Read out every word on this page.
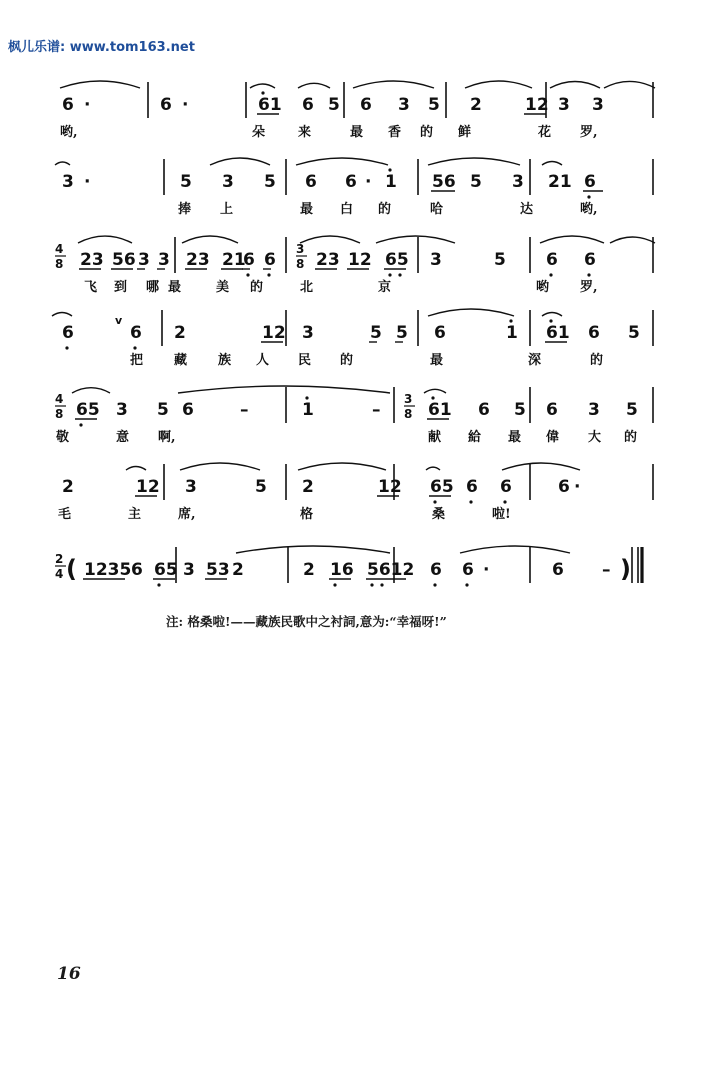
枫儿乐谱: www.tom163.net
6 ·	6 ·	61 6 5 6 3 5 2	12 3 3
3 ·	5 3 5 6 6 · 1 56 5 3 21 6
4
8
3
8
23 56 3 3 23 21
6 6 23 12 65 3	5 6 6
6
v
6 2	12 3	5 5 6	1 61 6 5
4
8
3
8
65 3 5 6	–	1	–	61 6 5 6 3 5
2	12 3	5 2	12 65 6 6	6 ·
2
4 1235 6 65 3 53 2	2 16 5612 6 6 ·	6 –
(	)
哟,	朵	来	最 香 的 鲜	花 罗,
捧 上	最 白 的	哈	达	哟,
飞 到 哪 最	美 的	北	京	哟 罗,
把 藏 族 人 民 的	最	深	的
敬	意 啊,	献 給 最 偉 大 的
毛	主	席,	格	桑	啦!
注: 格桑啦!——藏族民歌中之衬詞,意为:“幸福呀!”
16
